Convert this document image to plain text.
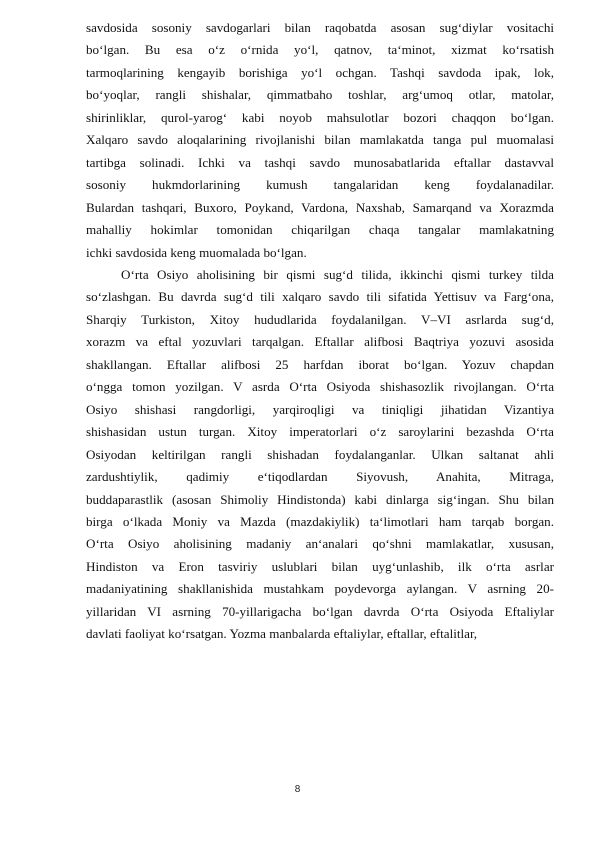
savdosida sosoniy savdogarlari bilan raqobatda asosan sug‘diylar vositachi
bo‘lgan. Bu esa o‘z o‘rnida yo‘l, qatnov, ta‘minot, xizmat ko‘rsatish
tarmoqlarining kengayib borishiga yo‘l ochgan. Tashqi savdoda ipak, lok,
bo‘yoqlar, rangli shishalar, qimmatbaho toshlar, arg‘umoq otlar, matolar,
shirinliklar, qurol-yarog‘ kabi noyob mahsulotlar bozori chaqqon bo‘lgan.
Xalqaro savdo aloqalarining rivojlanishi bilan mamlakatda tanga pul muomalasi
tartibga solinadi. Ichki va tashqi savdo munosabatlarida eftallar dastavval
sosoniy hukmdorlarining kumush tangalaridan keng foydalanadilar.
Bulardan tashqari, Buxoro, Poykand, Vardona, Naxshab, Samarqand va Xorazmda
mahalliy hokimlar tomonidan chiqarilgan chaqa tangalar mamlakatning
ichki savdosida keng muomalada bo‘lgan.

O‘rta Osiyo aholisining bir qismi sug‘d tilida, ikkinchi qismi turkey tilda
so‘zlashgan. Bu davrda sug‘d tili xalqaro savdo tili sifatida Yettisuv va Farg‘ona,
Sharqiy Turkiston, Xitoy hududlarida foydalanilgan. V–VI asrlarda sug‘d,
xorazm va eftal yozuvlari tarqalgan. Eftallar alifbosi Baqtriya yozuvi asosida
shakllangan. Eftallar alifbosi 25 harfdan iborat bo‘lgan. Yozuv chapdan
o‘ngga tomon yozilgan. V asrda O‘rta Osiyoda shishasozlik rivojlangan. O‘rta
Osiyo shishasi rangdorligi, yarqiroqligi va tiniqligi jihatidan Vizantiya
shishasidan ustun turgan. Xitoy imperatorlari o‘z saroylarini bezashda O‘rta
Osiyodan keltirilgan rangli shishadan foydalanganlar. Ulkan saltanat ahli
zardushtiylik, qadimiy e‘tiqodlardan Siyovush, Anahita, Mitraga,
buddaparastlik (asosan Shimoliy Hindistonda) kabi dinlarga sig‘ingan. Shu bilan
birga o‘lkada Moniy va Mazda (mazdakiylik) ta‘limotlari ham tarqab borgan.
O‘rta Osiyo aholisining madaniy an‘analari qo‘shni mamlakatlar, xususan,
Hindiston va Eron tasviriy uslublari bilan uyg‘unlashib, ilk o‘rta asrlar
madaniyatining shakllanishida mustahkam poydevorga aylangan. V asrning 20-
yillaridan VI asrning 70-yillarigacha bo‘lgan davrda O‘rta Osiyoda Eftaliylar
davlati faoliyat ko‘rsatgan. Yozma manbalarda eftaliylar, eftallar, eftalitlar,

8
